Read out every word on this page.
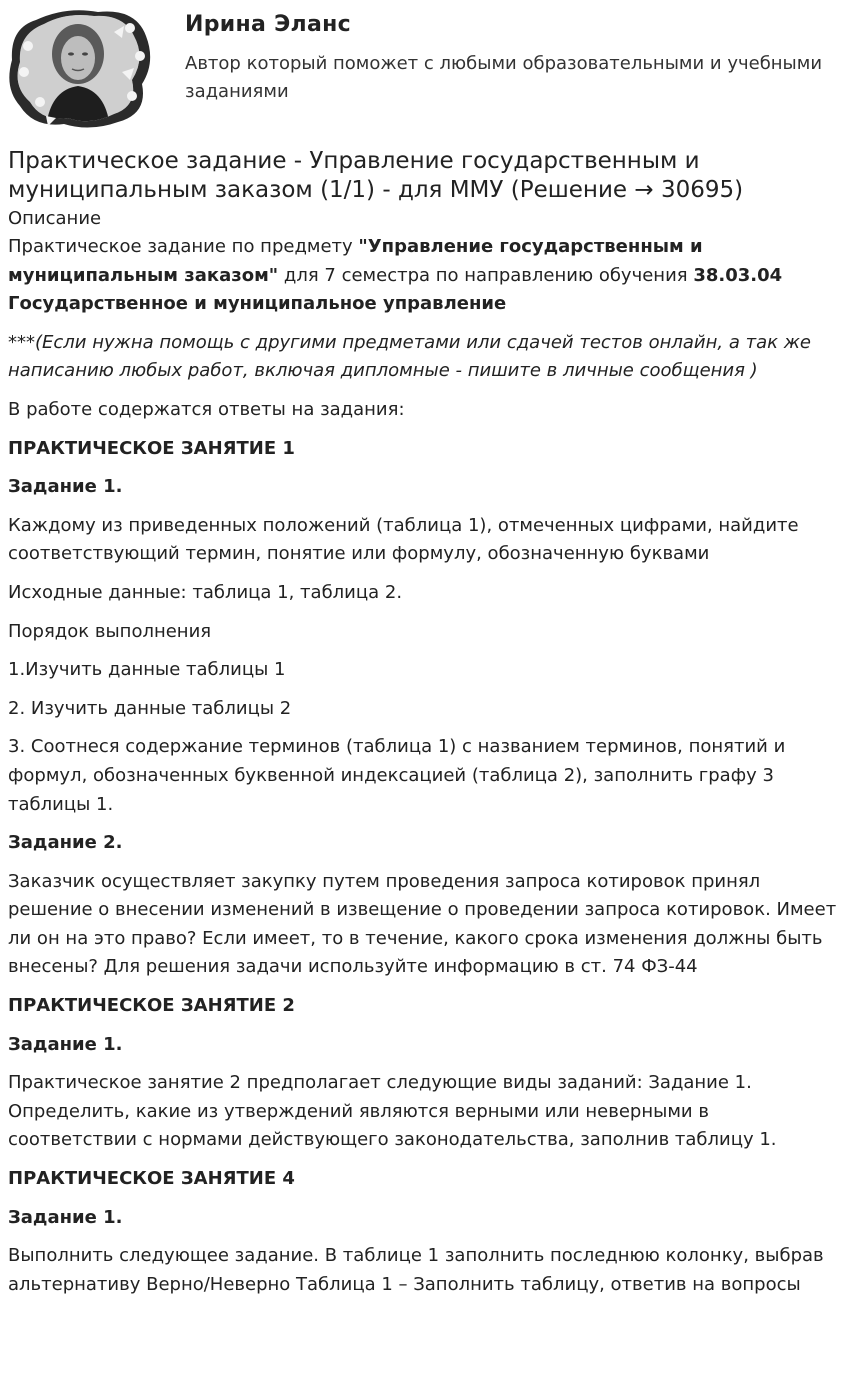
Ирина Эланс
Автор который поможет с любыми образовательными и учебными заданиями
Практическое задание - Управление государственным и муниципальным заказом (1/1) - для ММУ (Решение → 30695)
Описание

Практическое задание по предмету "Управление государственным и муниципальным заказом" для 7 семестра по направлению обучения 38.03.04 Государственное и муниципальное управление

***(Если нужна помощь с другими предметами или сдачей тестов онлайн, а так же написанию любых работ, включая дипломные - пишите в личные сообщения )

В работе содержатся ответы на задания:

ПРАКТИЧЕСКОЕ ЗАНЯТИЕ 1

Задание 1.

Каждому из приведенных положений (таблица 1), отмеченных цифрами, найдите соответствующий термин, понятие или формулу, обозначенную буквами

Исходные данные: таблица 1, таблица 2.

Порядок выполнения

1.Изучить данные таблицы 1

2. Изучить данные таблицы 2

3. Соотнеся содержание терминов (таблица 1) с названием терминов, понятий и формул, обозначенных буквенной индексацией (таблица 2), заполнить графу 3 таблицы 1.

Задание 2.

Заказчик осуществляет закупку путем проведения запроса котировок принял решение о внесении изменений в извещение о проведении запроса котировок. Имеет ли он на это право? Если имеет, то в течение, какого срока изменения должны быть внесены? Для решения задачи используйте информацию в ст. 74 ФЗ-44

ПРАКТИЧЕСКОЕ ЗАНЯТИЕ 2

Задание 1.

Практическое занятие 2 предполагает следующие виды заданий: Задание 1. Определить, какие из утверждений являются верными или неверными в соответствии с нормами действующего законодательства, заполнив таблицу 1.

ПРАКТИЧЕСКОЕ ЗАНЯТИЕ 4

Задание 1.

Выполнить следующее задание. В таблице 1 заполнить последнюю колонку, выбрав альтернативу Верно/Неверно Таблица 1 – Заполнить таблицу, ответив на вопросы
